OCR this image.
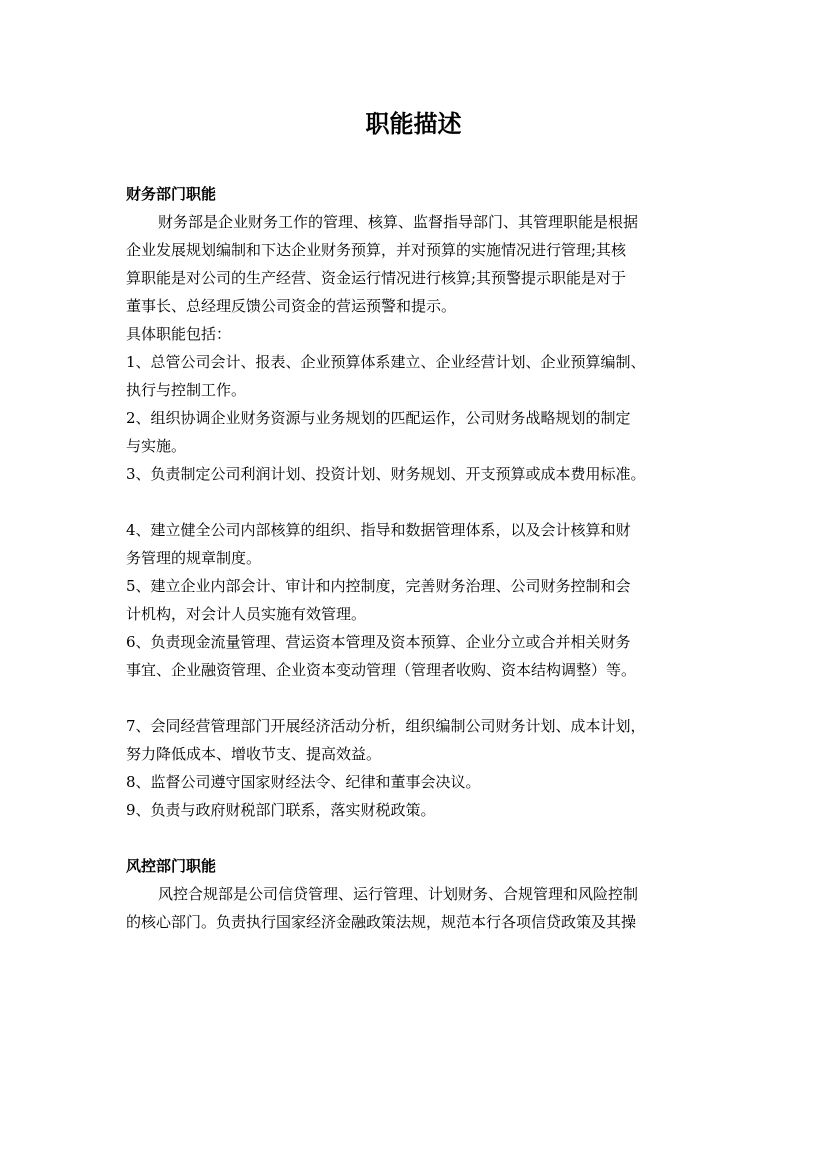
职能描述
财务部门职能
财务部是企业财务工作的管理、核算、监督指导部门、其管理职能是根据
企业发展规划编制和下达企业财务预算，并对预算的实施情况进行管理;其核
算职能是对公司的生产经营、资金运行情况进行核算;其预警提示职能是对于
董事长、总经理反馈公司资金的营运预警和提示。
具体职能包括：
1、总管公司会计、报表、企业预算体系建立、企业经营计划、企业预算编制、
执行与控制工作。
2、组织协调企业财务资源与业务规划的匹配运作，公司财务战略规划的制定
与实施。
3、负责制定公司利润计划、投资计划、财务规划、开支预算或成本费用标准。
4、建立健全公司内部核算的组织、指导和数据管理体系，以及会计核算和财
务管理的规章制度。
5、建立企业内部会计、审计和内控制度，完善财务治理、公司财务控制和会
计机构，对会计人员实施有效管理。
6、负责现金流量管理、营运资本管理及资本预算、企业分立或合并相关财务
事宜、企业融资管理、企业资本变动管理（管理者收购、资本结构调整）等。
7、会同经营管理部门开展经济活动分析，组织编制公司财务计划、成本计划，
努力降低成本、增收节支、提高效益。
8、监督公司遵守国家财经法令、纪律和董事会决议。
9、负责与政府财税部门联系，落实财税政策。
风控部门职能
风控合规部是公司信贷管理、运行管理、计划财务、合规管理和风险控制
的核心部门。负责执行国家经济金融政策法规，规范本行各项信贷政策及其操
